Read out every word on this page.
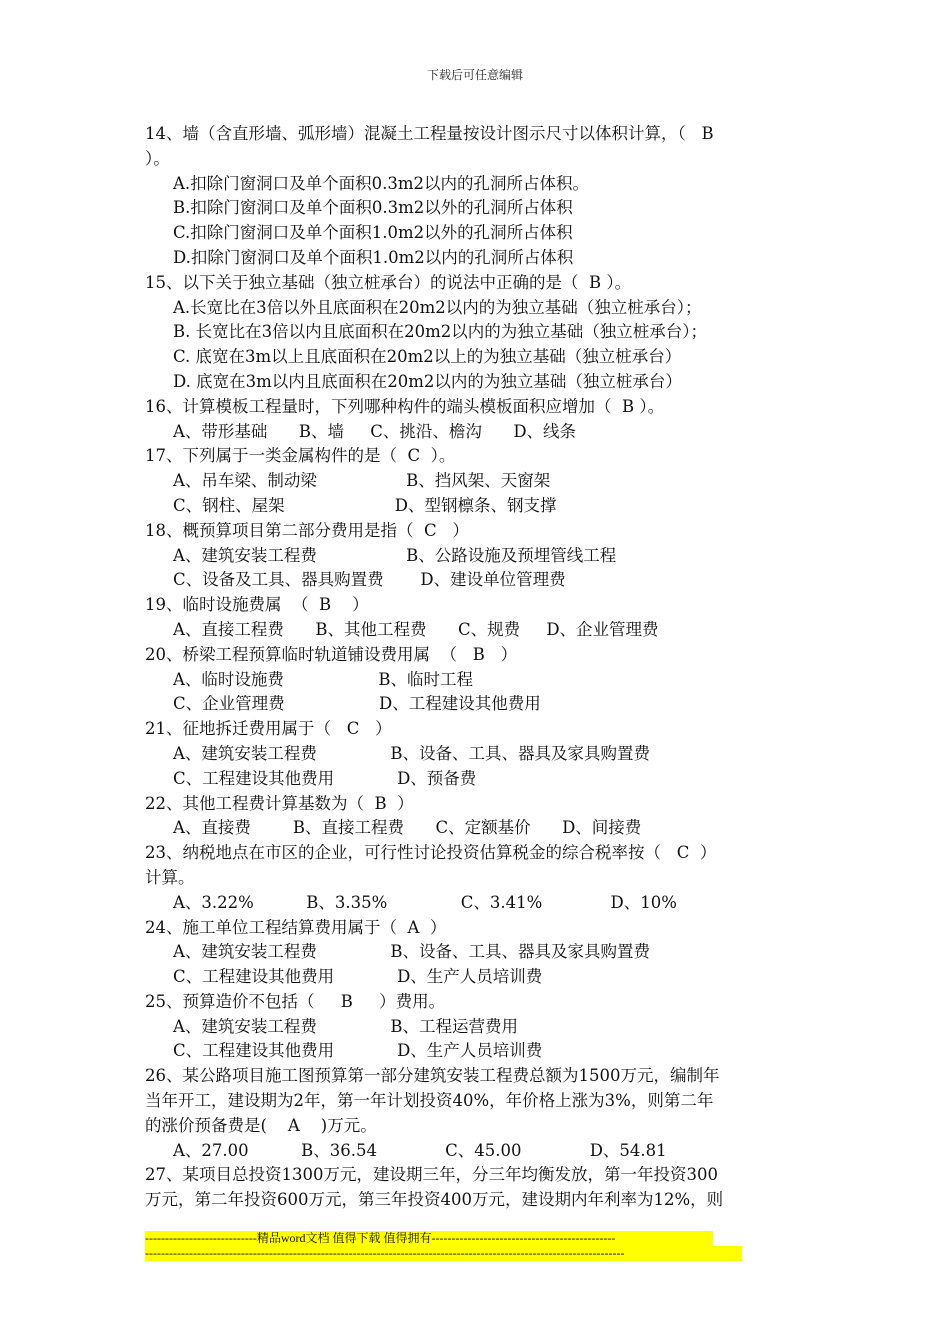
下载后可任意编辑
14、墙（含直形墙、弧形墙）混凝土工程量按设计图示尺寸以体积计算，（   B
）。
A.扣除门窗洞口及单个面积0.3m2以内的孔洞所占体积。
B.扣除门窗洞口及单个面积0.3m2以外的孔洞所占体积
C.扣除门窗洞口及单个面积1.0m2以外的孔洞所占体积
D.扣除门窗洞口及单个面积1.0m2以内的孔洞所占体积
15、以下关于独立基础（独立桩承台）的说法中正确的是（  B ）。
A.长宽比在3倍以外且底面积在20m2以内的为独立基础（独立桩承台）；
B. 长宽比在3倍以内且底面积在20m2以内的为独立基础（独立桩承台）；
C. 底宽在3m以上且底面积在20m2以上的为独立基础（独立桩承台）
D. 底宽在3m以内且底面积在20m2以内的为独立基础（独立桩承台）
16、计算模板工程量时，下列哪种构件的端头模板面积应增加（  B ）。
A、带形基础      B、墙     C、挑沿、檐沟      D、线条
17、下列属于一类金属构件的是（  C  ）。
A、吊车梁、制动梁                 B、挡风架、天窗架
C、钢柱、屋架                     D、型钢檩条、钢支撑
18、概预算项目第二部分费用是指（  C   ）
A、建筑安装工程费                 B、公路设施及预埋管线工程
C、设备及工具、器具购置费       D、建设单位管理费
19、临时设施费属  （  B    ）
A、直接工程费      B、其他工程费      C、规费     D、企业管理费
20、桥梁工程预算临时轨道铺设费用属  （   B   ）
A、临时设施费                  B、临时工程
C、企业管理费                  D、工程建设其他费用
21、征地拆迁费用属于（   C   ）
A、建筑安装工程费              B、设备、工具、器具及家具购置费
C、工程建设其他费用            D、预备费
22、其他工程费计算基数为（  B  ）
A、直接费        B、直接工程费      C、定额基价      D、间接费
23、纳税地点在市区的企业，可行性讨论投资估算税金的综合税率按（   C  ）
计算。
A、3.22%          B、3.35%              C、3.41%             D、10%
24、施工单位工程结算费用属于（  A  ）
A、建筑安装工程费              B、设备、工具、器具及家具购置费
C、工程建设其他费用            D、生产人员培训费
25、预算造价不包括（     B     ）费用。
A、建筑安装工程费              B、工程运营费用
C、工程建设其他费用            D、生产人员培训费
26、某公路项目施工图预算第一部分建筑安装工程费总额为1500万元，编制年
当年开工，建设期为2年，第一年计划投资40%，年价格上涨为3%，则第二年
的涨价预备费是(    A    )万元。
A、27.00          B、36.54             C、45.00             D、54.81
27、某项目总投资1300万元，建设期三年，分三年均衡发放，第一年投资300
万元，第二年投资600万元，第三年投资400万元，建设期内年利率为12%，则
----------------------------精品word文档 值得下载 值得拥有----------------------------------------------
------------------------------------------------------------------------------------------------------------------------
